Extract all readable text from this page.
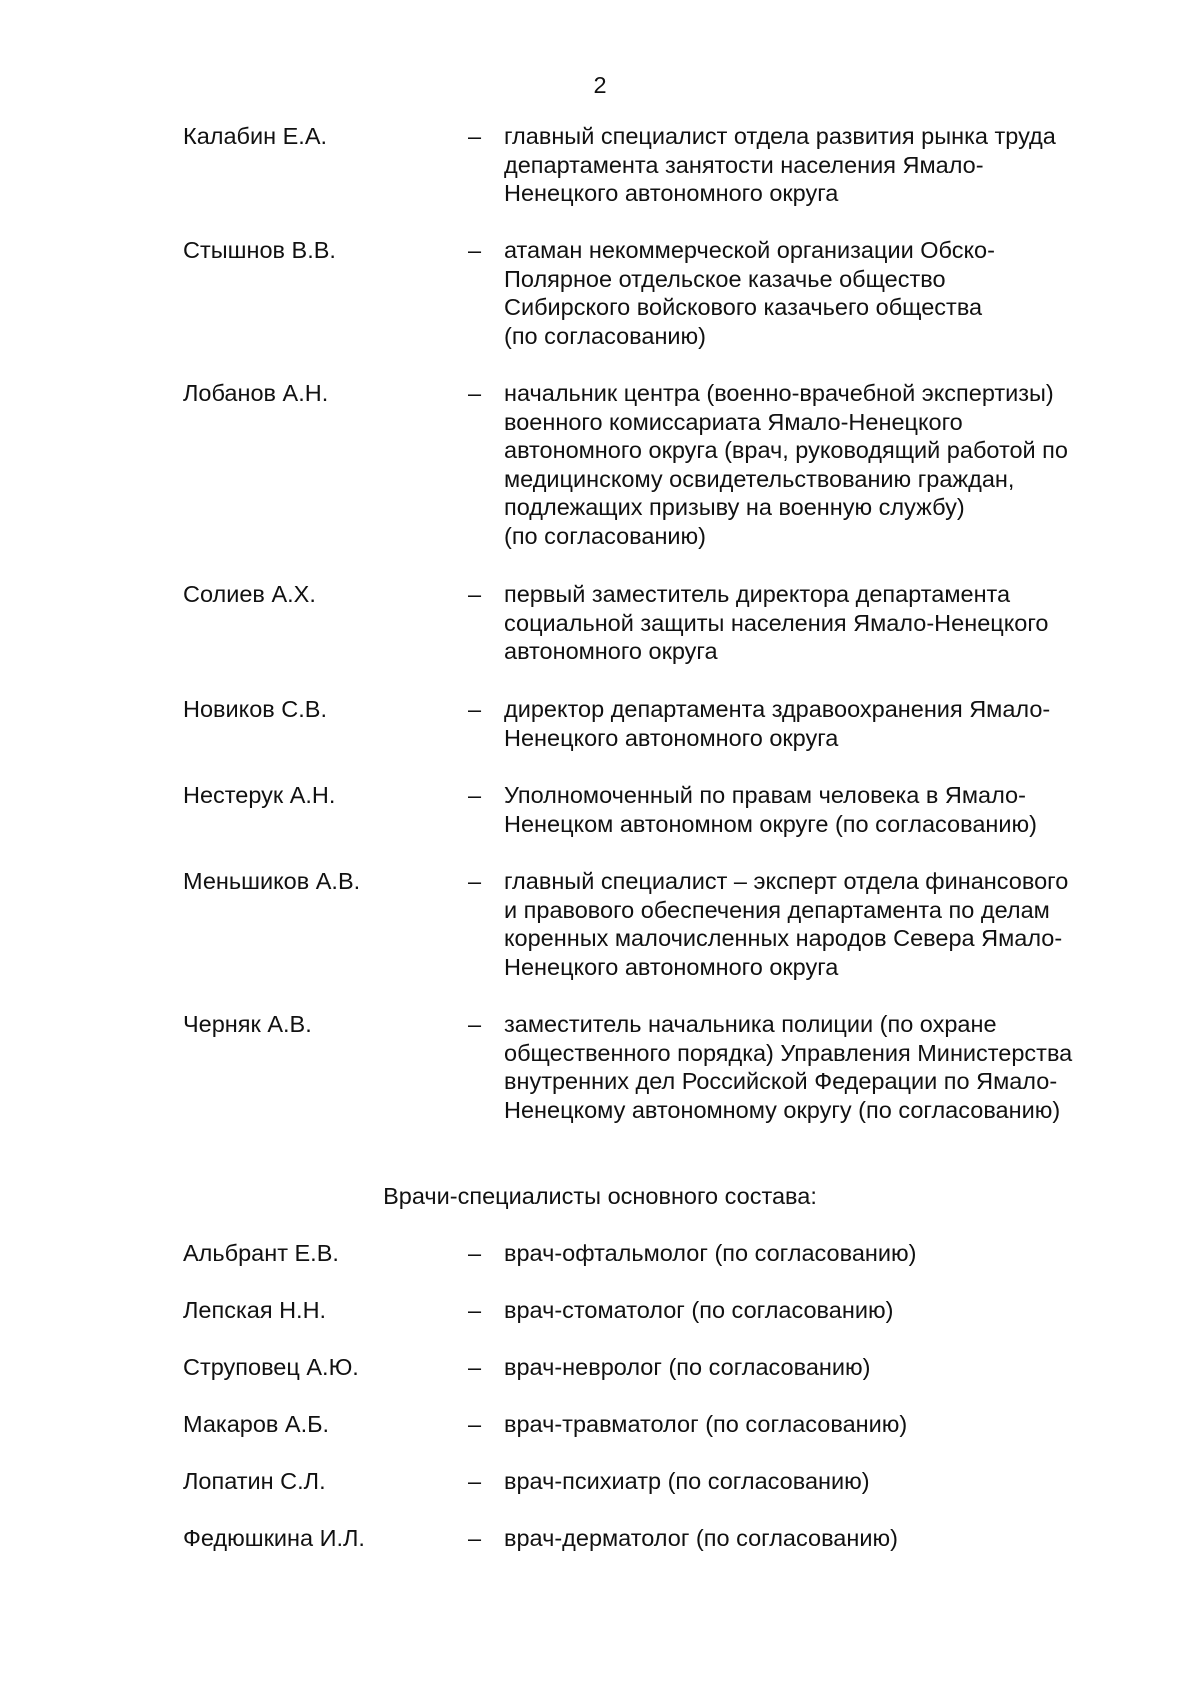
2
Калабин Е.А.	– главный специалист отдела развития рынка труда
департамента занятости населения Ямало-
Ненецкого автономного округа
Стышнов В.В.	– атаман некоммерческой организации Обско-
Полярное отдельское казачье общество
Сибирского войскового казачьего общества
(по согласованию)
Лобанов А.Н.	– начальник центра (военно-врачебной экспертизы)
военного комиссариата Ямало-Ненецкого
автономного округа (врач, руководящий работой по
медицинскому освидетельствованию граждан,
подлежащих призыву на военную службу)
(по согласованию)
Солиев А.Х.	– первый заместитель директора департамента
социальной защиты населения Ямало-Ненецкого
автономного округа
Новиков С.В.	– директор департамента здравоохранения Ямало-
Ненецкого автономного округа
Нестерук А.Н.	– Уполномоченный по правам человека в Ямало-
Ненецком автономном округе (по согласованию)
Меньшиков А.В.	– главный специалист – эксперт отдела финансового
и правового обеспечения департамента по делам
коренных малочисленных народов Севера Ямало-
Ненецкого автономного округа
Черняк А.В.	– заместитель начальника полиции (по охране
общественного порядка) Управления Министерства
внутренних дел Российской Федерации по Ямало-
Ненецкому автономному округу (по согласованию)
Врачи-специалисты основного состава:
Альбрант Е.В.	– врач-офтальмолог (по согласованию)
Лепская Н.Н.	– врач-стоматолог (по согласованию)
Струповец А.Ю.	– врач-невролог (по согласованию)
Макаров А.Б.	– врач-травматолог (по согласованию)
Лопатин С.Л.	– врач-психиатр (по согласованию)
Федюшкина И.Л.	– врач-дерматолог (по согласованию)
